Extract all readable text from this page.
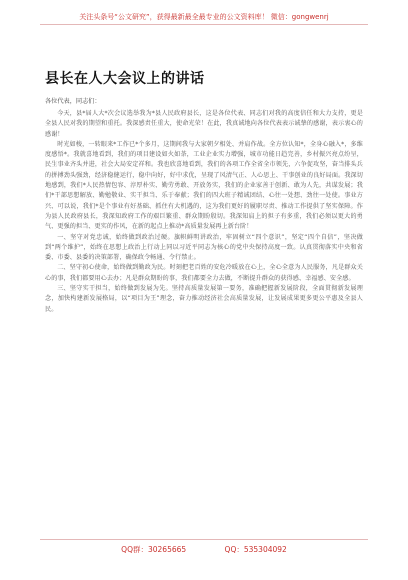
关注头条号“公文研究”，获得最新最全最专业的公文资料库！ 微信：gongwenrj
县长在人大会议上的讲话
各位代表，同志们：

今天，县*届人大*次会议选举我为*县人民政府县长，这是各位代表、同志们对我的高度信任和大力支持，更是全县人民对我的期望和重托。我深感责任重大，使命光荣！在此，我真诚地向各位代表表示诚挚的感谢，表示衷心的感谢！

时光如梭，一转眼来*工作已*个多月，这期间我与大家朝夕相处、并肩作战。全方位认知*，全身心融入*，多维度感悟*。我就喜地看到，我们的项目建设如火如荼，工业企业实力增强，城市功能日趋完善，乡村振兴亮点纷呈，民生事业齐头并进，社会大局安定祥和。我也欣喜地看到，我们的各项工作全省全市领先，六争促攻坚，奋当排头兵的拼搏劲头强劲，经济稳健运行，稳中向好，好中求优，呈现了风清气正、人心思上、干事创业的良好局面。我深切地感到，我们*人民热情包容、淳厚朴实、勤劳勇敢、开放务实，我们的企业家善于创新、敢为人先，共谋发展；我们*干部思想解放、勤勉敬业、实干担当、乐于奉献；我们的四大班子精诚团结、心往一处想、劲往一处使。事业方兴、可以说，我们*是个事业有好基础、抓住有大机遇的，这为我们更好的履职尽责、推动工作提供了坚实保障。作为县人民政府县长，我深知政府工作的艰巨繁重、群众期盼殷切。我深知肩上的担子有多重，我们必须以更大的勇气、更强的担当、更实的作风，在新的起点上推动*高质量发展再上新台阶！

一、坚守对党忠诚，始终做到政治过硬。旗帜鲜明讲政治，牢固树立“四个意识”，坚定“四个自信”，坚决做到“两个维护”，始终在思想上政治上行动上同以习近平同志为核心的党中央保持高度一致。认真贯彻落实中央和省委、市委、县委的决策部署，确保政令畅通、令行禁止。

二、坚守初心使命，始终做到勤政为民。时刻把老百姓的安危冷暖放在心上，全心全意为人民服务，凡是群众关心的事，我们都要用心去办；凡是群众期盼的事，我们都要全力去做，不断提升群众的获得感、幸福感、安全感。

三、坚守实干担当，始终做到发展为先。坚持高质量发展第一要务，准确把握新发展阶段，全面贯彻新发展理念，加快构建新发展格局，以“项目为王”理念，奋力推动经济社会高质量发展，让发展成果更多更公平惠及全县人民。

QQ群：30265665	QQ：535304092
